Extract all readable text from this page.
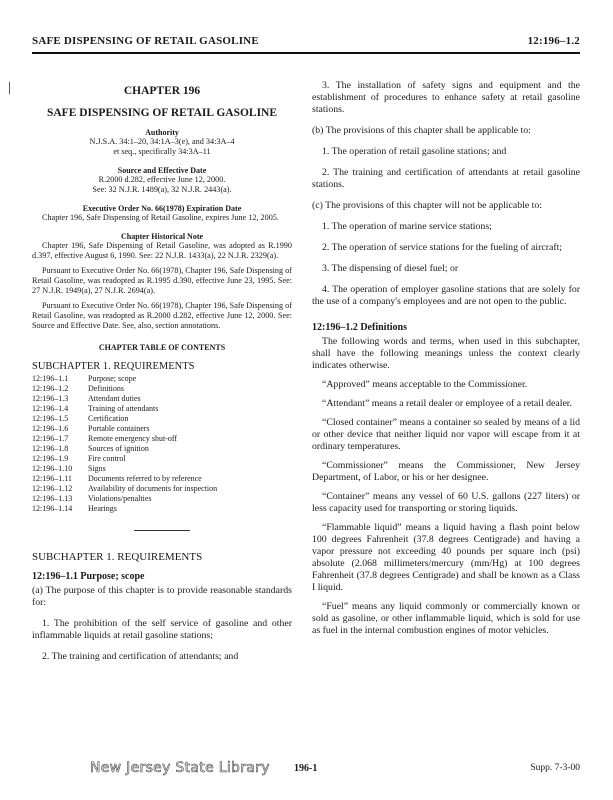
SAFE DISPENSING OF RETAIL GASOLINE	12:196–1.2
CHAPTER 196
SAFE DISPENSING OF RETAIL GASOLINE
Authority
N.J.S.A. 34:1–20, 34:1A–3(e), and 34:3A–4
et seq., specifically 34:3A–11
Source and Effective Date
R.2000 d.282, effective June 12, 2000.
See: 32 N.J.R. 1489(a), 32 N.J.R. 2443(a).
Executive Order No. 66(1978) Expiration Date

Chapter 196, Safe Dispensing of Retail Gasoline, expires June 12, 2005.

Chapter Historical Note

Chapter 196, Safe Dispensing of Retail Gasoline, was adopted as R.1990 d.397, effective August 6, 1990. See: 22 N.J.R. 1433(a), 22 N.J.R. 2329(a).

Pursuant to Executive Order No. 66(1978), Chapter 196, Safe Dispensing of Retail Gasoline, was readopted as R.1995 d.390, effective June 23, 1995. See: 27 N.J.R. 1949(a), 27 N.J.R. 2694(a).

Pursuant to Executive Order No. 66(1978), Chapter 196, Safe Dispensing of Retail Gasoline, was readopted as R.2000 d.282, effective June 12, 2000. See: Source and Effective Date. See, also, section annotations.

CHAPTER TABLE OF CONTENTS
SUBCHAPTER 1. REQUIREMENTS
12:196–1.1	Purpose; scope
12:196–1.2	Definitions
12:196–1.3	Attendant duties
12:196–1.4	Training of attendants
12:196–1.5	Certification
12:196–1.6	Portable containers
12:196–1.7	Remote emergency shut-off
12:196–1.8	Sources of ignition
12:196–1.9	Fire control
12:196–1.10	Signs
12:196–1.11	Documents referred to by reference
12:196–1.12	Availability of documents for inspection
12:196–1.13	Violations/penalties
12:196–1.14	Hearings
SUBCHAPTER 1. REQUIREMENTS
12:196–1.1 Purpose; scope

(a) The purpose of this chapter is to provide reasonable standards for:

1. The prohibition of the self service of gasoline and other inflammable liquids at retail gasoline stations;

2. The training and certification of attendants; and

3. The installation of safety signs and equipment and the establishment of procedures to enhance safety at retail gasoline stations.

(b) The provisions of this chapter shall be applicable to:

1. The operation of retail gasoline stations; and

2. The training and certification of attendants at retail gasoline stations.

(c) The provisions of this chapter will not be applicable to:

1. The operation of marine service stations;

2. The operation of service stations for the fueling of aircraft;

3. The dispensing of diesel fuel; or

4. The operation of employer gasoline stations that are solely for the use of a company's employees and are not open to the public.

12:196–1.2 Definitions

The following words and terms, when used in this subchapter, shall have the following meanings unless the context clearly indicates otherwise.

“Approved” means acceptable to the Commissioner.

“Attendant” means a retail dealer or employee of a retail dealer.

“Closed container” means a container so sealed by means of a lid or other device that neither liquid nor vapor will escape from it at ordinary temperatures.

“Commissioner” means the Commissioner, New Jersey Department, of Labor, or his or her designee.

“Container” means any vessel of 60 U.S. gallons (227 liters) or less capacity used for transporting or storing liquids.

“Flammable liquid” means a liquid having a flash point below 100 degrees Fahrenheit (37.8 degrees Centigrade) and having a vapor pressure not exceeding 40 pounds per square inch (psi) absolute (2.068 millimeters/mercury (mm/Hg) at 100 degrees Fahrenheit (37.8 degrees Centigrade) and shall be known as a Class I liquid.

“Fuel” means any liquid commonly or commercially known or sold as gasoline, or other inflammable liquid, which is sold for use as fuel in the internal combustion engines of motor vehicles.

New Jersey State Library 196-1	Supp. 7-3-00
